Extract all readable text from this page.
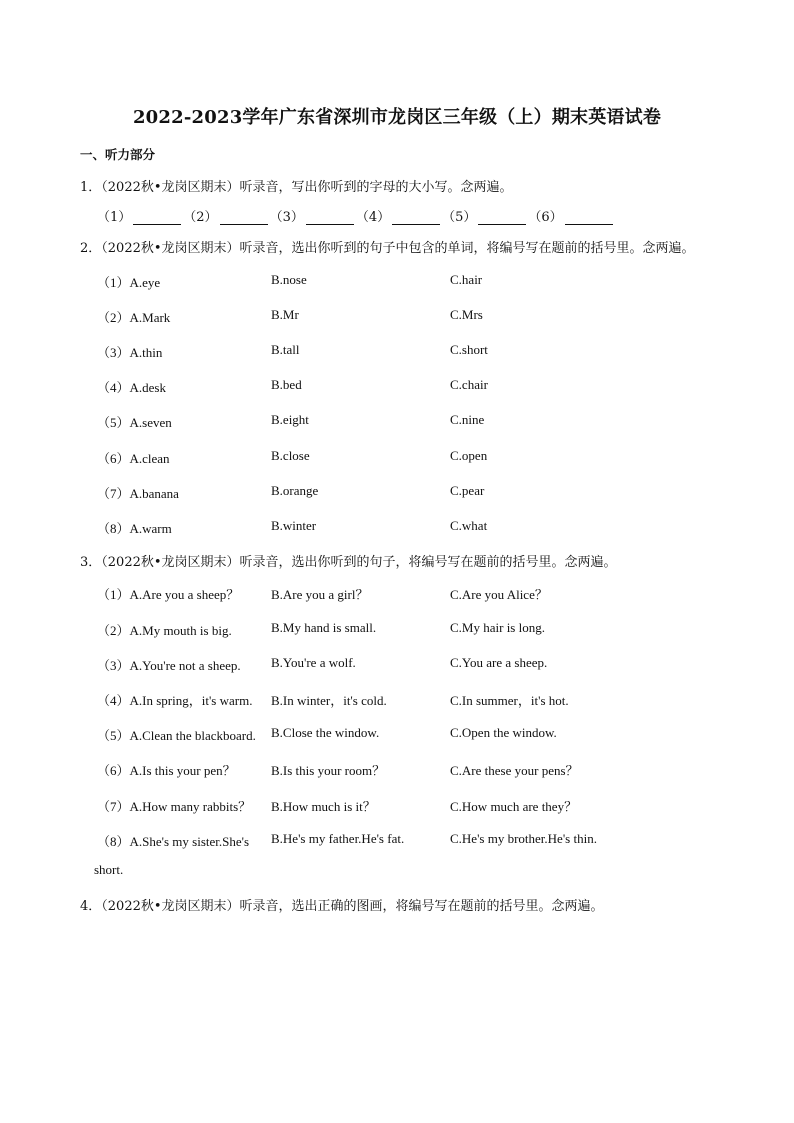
2022-2023学年广东省深圳市龙岗区三年级（上）期末英语试卷
一、听力部分
1．（2022秋•龙岗区期末）听录音，写出你听到的字母的大小写。念两遍。
（1）	（2）	（3）	（4）	（5）	（6）
2．（2022秋•龙岗区期末）听录音，选出你听到的句子中包含的单词，将编号写在题前的括号里。念两遍。
（1）A.eye	B.nose	C.hair
（2）A.Mark	B.Mr	C.Mrs
（3）A.thin	B.tall	C.short
（4）A.desk	B.bed	C.chair
（5）A.seven	B.eight	C.nine
（6）A.clean	B.close	C.open
（7）A.banana	B.orange	C.pear
（8）A.warm	B.winter	C.what
3．（2022秋•龙岗区期末）听录音，选出你听到的句子，将编号写在题前的括号里。念两遍。
（1）A.Are you a sheep？ B.Are you a girl？	C.Are you Alice？
（2）A.My mouth is big.	B.My hand is small.	C.My hair is long.
（3）A.You're not a sheep. B.You're a wolf.	C.You are a sheep.
（4）A.In spring，it's warm. B.In winter，it's cold.	C.In summer，it's hot.
（5）A.Clean the blackboard. B.Close the window.	C.Open the window.
（6）A.Is this your pen？	B.Is this your room？	C.Are these your pens？
（7）A.How many rabbits？ B.How much is it？	C.How much are they？
（8）A.She's my sister.She's B.He's my father.He's fat.	C.He's my brother.He's thin.
short.
4．（2022秋•龙岗区期末）听录音，选出正确的图画，将编号写在题前的括号里。念两遍。
